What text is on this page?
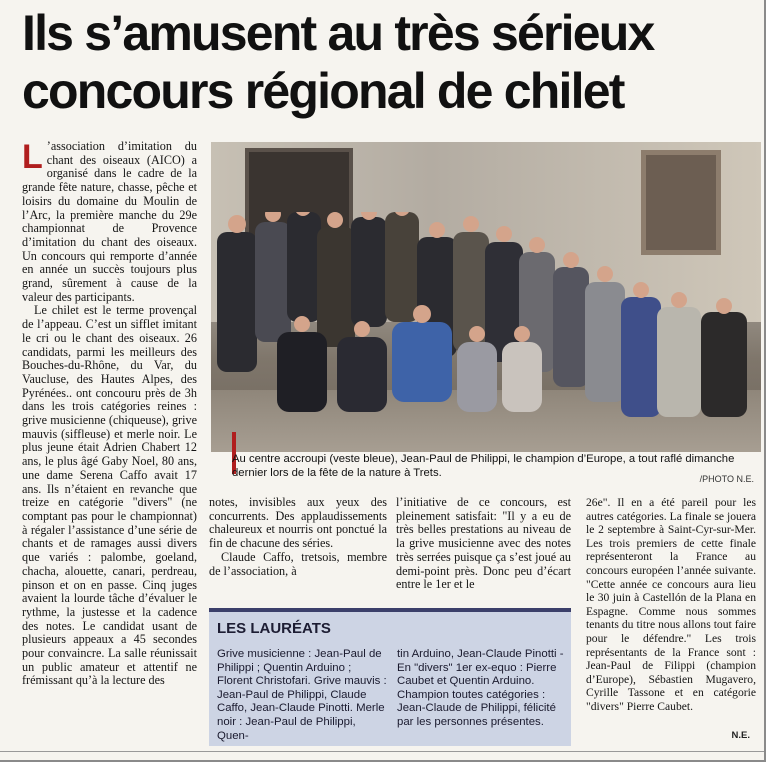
Ils s’amusent au très sérieux
concours régional de chilet

L ’association d’imitation du chant des oiseaux (AICO) a organisé dans le cadre de la grande fête nature, chasse, pêche et loisirs du domaine du Moulin de l’Arc, la première manche du 29e championnat de Provence d’imitation du chant des oiseaux. Un concours qui remporte d’année en année un succès toujours plus grand, sûrement à cause de la valeur des participants.

Le chilet est le terme provençal de l’appeau. C’est un sifflet imitant le cri ou le chant des oiseaux. 26 candidats, parmi les meilleurs des Bouches-du-Rhône, du Var, du Vaucluse, des Hautes Alpes, des Pyrénées.. ont concouru près de 3h dans les trois catégories reines : grive musicienne (chiqueuse), grive mauvis (siffleuse) et merle noir. Le plus jeune était Adrien Chabert 12 ans, le plus âgé Gaby Noel, 80 ans, une dame Serena Caffo avait 17 ans. Ils n’étaient en revanche que treize en catégorie "divers" (ne comptant pas pour le championnat) à régaler l’assistance d’une série de chants et de ramages aussi divers que variés : palombe, goeland, chacha, alouette, canari, perdreau, pinson et on en passe. Cinq juges avaient la lourde tâche d’évaluer le rythme, la justesse et la cadence des notes. Le candidat usant de plusieurs appeaux a 45 secondes pour convaincre. La salle réunissait un public amateur et attentif ne frémissant qu’à la lecture des

Au centre accroupi (veste bleue), Jean-Paul de Philippi, le champion d’Europe, a tout raflé dimanche dernier lors de la fête de la nature à Trets.
/PHOTO N.E.

notes, invisibles aux yeux des concurrents. Des applaudissements chaleureux et nourris ont ponctué la fin de chacune des séries.

Claude Caffo, tretsois, membre de l’association, à

l’initiative de ce concours, est pleinement satisfait: "Il y a eu de très belles prestations au niveau de la grive musicienne avec des notes très serrées puisque ça s’est joué au demi-point près. Donc peu d’écart entre le 1er et le

26e". Il en a été pareil pour les autres catégories. La finale se jouera le 2 septembre à Saint-Cyr-sur-Mer. Les trois premiers de cette finale représenteront la France au concours européen l’année suivante. "Cette année ce concours aura lieu le 30 juin à Castellón de la Plana en Espagne. Comme nous sommes tenants du titre nous allons tout faire pour le défendre." Les trois représentants de la France sont : Jean-Paul de Filippi (champion d’Europe), Sébastien Mugavero, Cyrille Tassone et en catégorie "divers" Pierre Caubet.

LES LAURÉATS
Grive musicienne : Jean-Paul de Philippi ; Quentin Arduino ; Florent Christofari. Grive mauvis : Jean-Paul de Philippi, Claude Caffo, Jean-Claude Pinotti. Merle noir : Jean-Paul de Philippi, Quen-
tin Arduino, Jean-Claude Pinotti - En "divers" 1er ex-equo : Pierre Caubet et Quentin Arduino. Champion toutes catégories : Jean-Claude de Philippi, félicité par les personnes présentes.
N.E.
